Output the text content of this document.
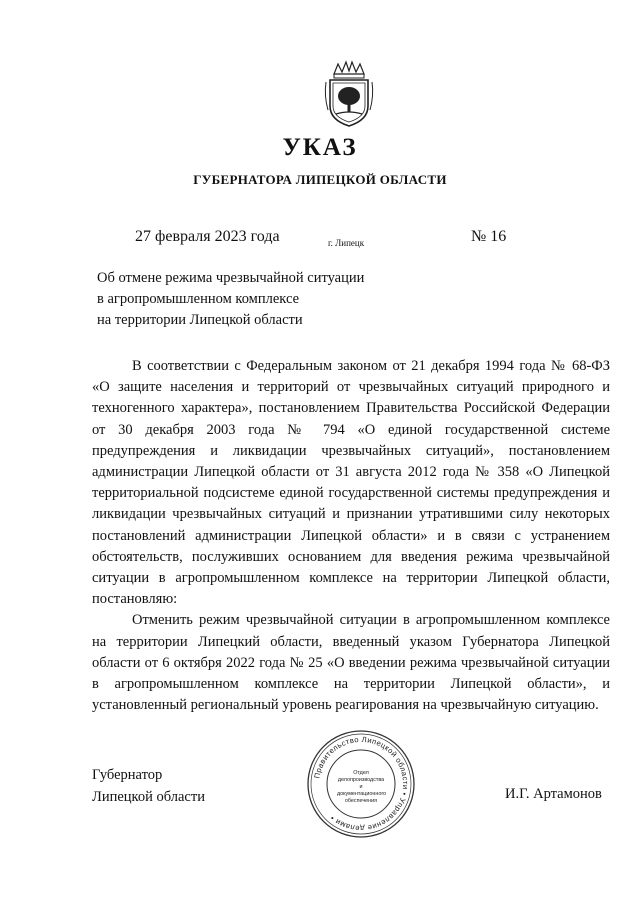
УКАЗ
ГУБЕРНАТОРА ЛИПЕЦКОЙ ОБЛАСТИ
27 февраля 2023 года	г. Липецк	№ 16
Об отмене режима чрезвычайной ситуации
в агропромышленном комплексе
на территории Липецкой области

В соответствии с Федеральным законом от 21 декабря 1994 года № 68-ФЗ «О защите населения и территорий от чрезвычайных ситуаций природного и техногенного характера», постановлением Правительства Российской Федерации от 30 декабря 2003 года № 794 «О единой государственной системе предупреждения и ликвидации чрезвычайных ситуаций», постановлением администрации Липецкой области от 31 августа 2012 года № 358 «О Липецкой территориальной подсистеме единой государственной системы предупреждения и ликвидации чрезвычайных ситуаций и признании утратившими силу некоторых постановлений администрации Липецкой области» и в связи с устранением обстоятельств, послуживших основанием для введения режима чрезвычайной ситуации в агропромышленном комплексе на территории Липецкой области, постановляю:

Отменить режим чрезвычайной ситуации в агропромышленном комплексе на территории Липецкий области, введенный указом Губернатора Липецкой области от 6 октября 2022 года № 25 «О введении режима чрезвычайной ситуации в агропромышленном комплексе на территории Липецкой области», и установленный региональный уровень реагирования на чрезвычайную ситуацию.

Губернатор
Липецкой области
Правительство Липецкой области • Управление делами •
Отдел
делопроизводства и
документационного
обеспечения	И.Г. Артамонов
